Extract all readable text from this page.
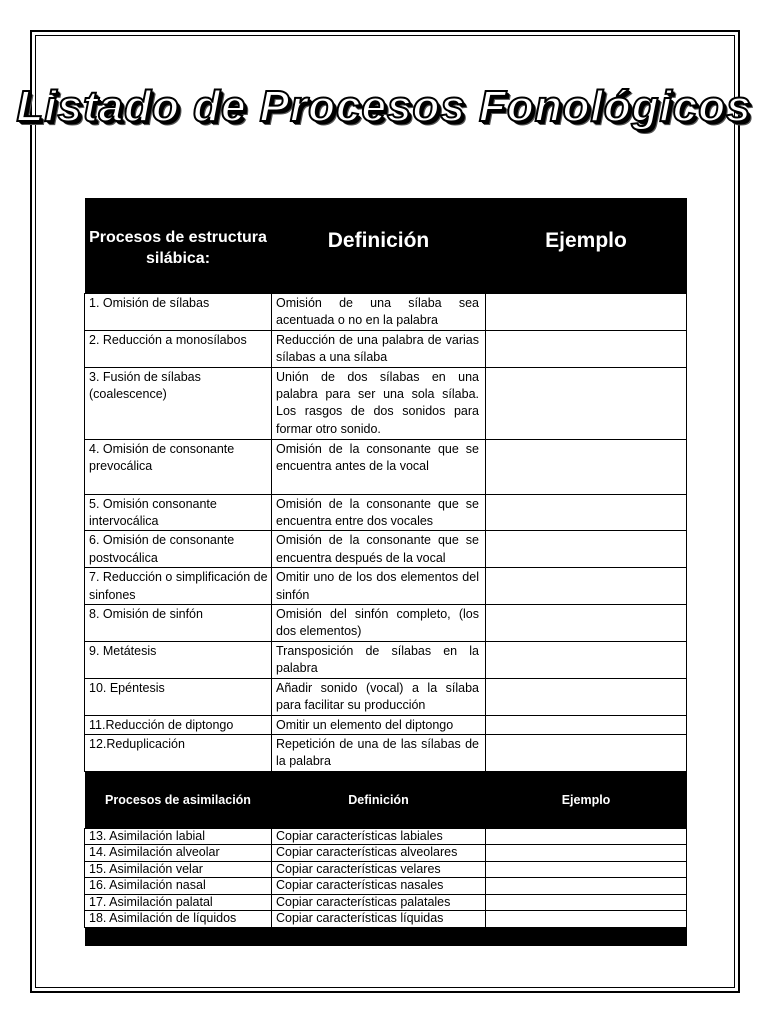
Listado de Procesos Fonológicos
Procesos de estructura silábica:	Definición	Ejemplo
1. Omisión de sílabas	Omisión de una sílaba sea acentuada o no en la palabra	
2. Reducción a monosílabos	Reducción de una palabra de varias sílabas a una sílaba	
3. Fusión de sílabas (coalescence)	Unión de dos sílabas en una palabra para ser una sola sílaba. Los rasgos de dos sonidos para formar otro sonido.	
4. Omisión de consonante prevocálica	Omisión de la consonante que se encuentra antes de la vocal	
5. Omisión consonante intervocálica	Omisión de la consonante que se encuentra entre dos vocales	
6. Omisión de consonante postvocálica	Omisión de la consonante que se encuentra después de la vocal	
7. Reducción o simplificación de sinfones	Omitir uno de los dos elementos del sinfón	
8. Omisión de sinfón	Omisión del sinfón completo, (los dos elementos)	
9. Metátesis	Transposición de sílabas en la palabra	
10. Epéntesis	Añadir sonido (vocal) a la sílaba para facilitar su producción	
11.Reducción de diptongo	Omitir un elemento del diptongo	
12.Reduplicación	Repetición de una de las sílabas de la palabra	
Procesos de asimilación	Definición	Ejemplo
13. Asimilación labial	Copiar características labiales	
14. Asimilación alveolar	Copiar características alveolares	
15. Asimilación velar	Copiar características velares	
16. Asimilación nasal	Copiar características nasales	
17. Asimilación palatal	Copiar características palatales	
18. Asimilación de líquidos	Copiar características líquidas	
